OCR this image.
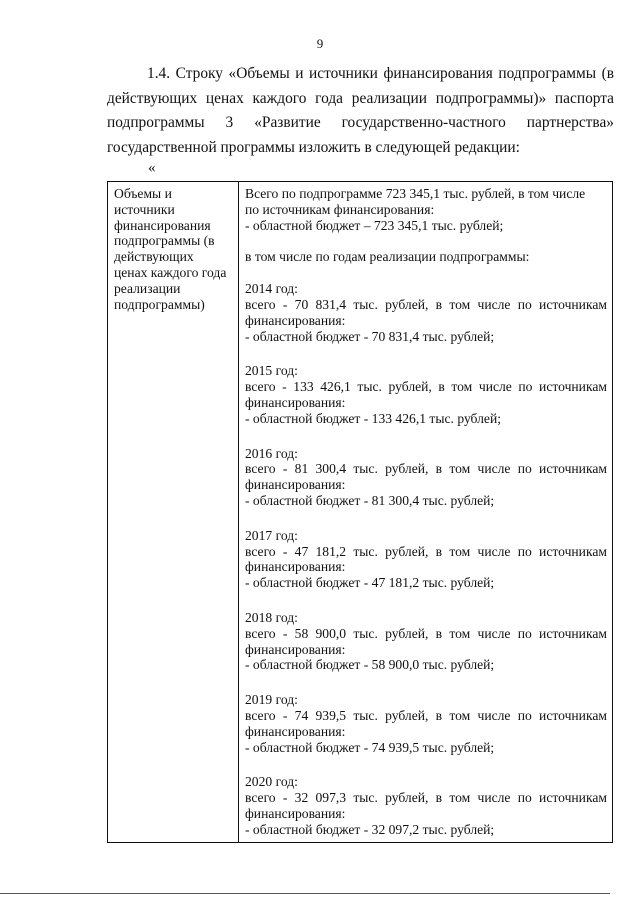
9
1.4. Строку «Объемы и источники финансирования подпрограммы (в
действующих ценах каждого года реализации подпрограммы)» паспорта
подпрограммы 3 «Развитие государственно-частного партнерства»
государственной программы изложить в следующей редакции:
«
Объемы и
источники
финансирования
подпрограммы (в
действующих
ценах каждого года
реализации
подпрограммы)
Всего по подпрограмме 723 345,1 тыс. рублей, в том числе
по источникам финансирования:
- областной бюджет – 723 345,1 тыс. рублей;
в том числе по годам реализации подпрограммы:
2014 год:
всего - 70 831,4 тыс. рублей, в том числе по источникам
финансирования:
- областной бюджет - 70 831,4 тыс. рублей;
2015 год:
всего - 133 426,1 тыс. рублей, в том числе по источникам
финансирования:
- областной бюджет - 133 426,1 тыс. рублей;
2016 год:
всего - 81 300,4 тыс. рублей, в том числе по источникам
финансирования:
- областной бюджет - 81 300,4 тыс. рублей;
2017 год:
всего - 47 181,2 тыс. рублей, в том числе по источникам
финансирования:
- областной бюджет - 47 181,2 тыс. рублей;
2018 год:
всего - 58 900,0 тыс. рублей, в том числе по источникам
финансирования:
- областной бюджет - 58 900,0 тыс. рублей;
2019 год:
всего - 74 939,5 тыс. рублей, в том числе по источникам
финансирования:
- областной бюджет - 74 939,5 тыс. рублей;
2020 год:
всего - 32 097,3 тыс. рублей, в том числе по источникам
финансирования:
- областной бюджет - 32 097,2 тыс. рублей;
